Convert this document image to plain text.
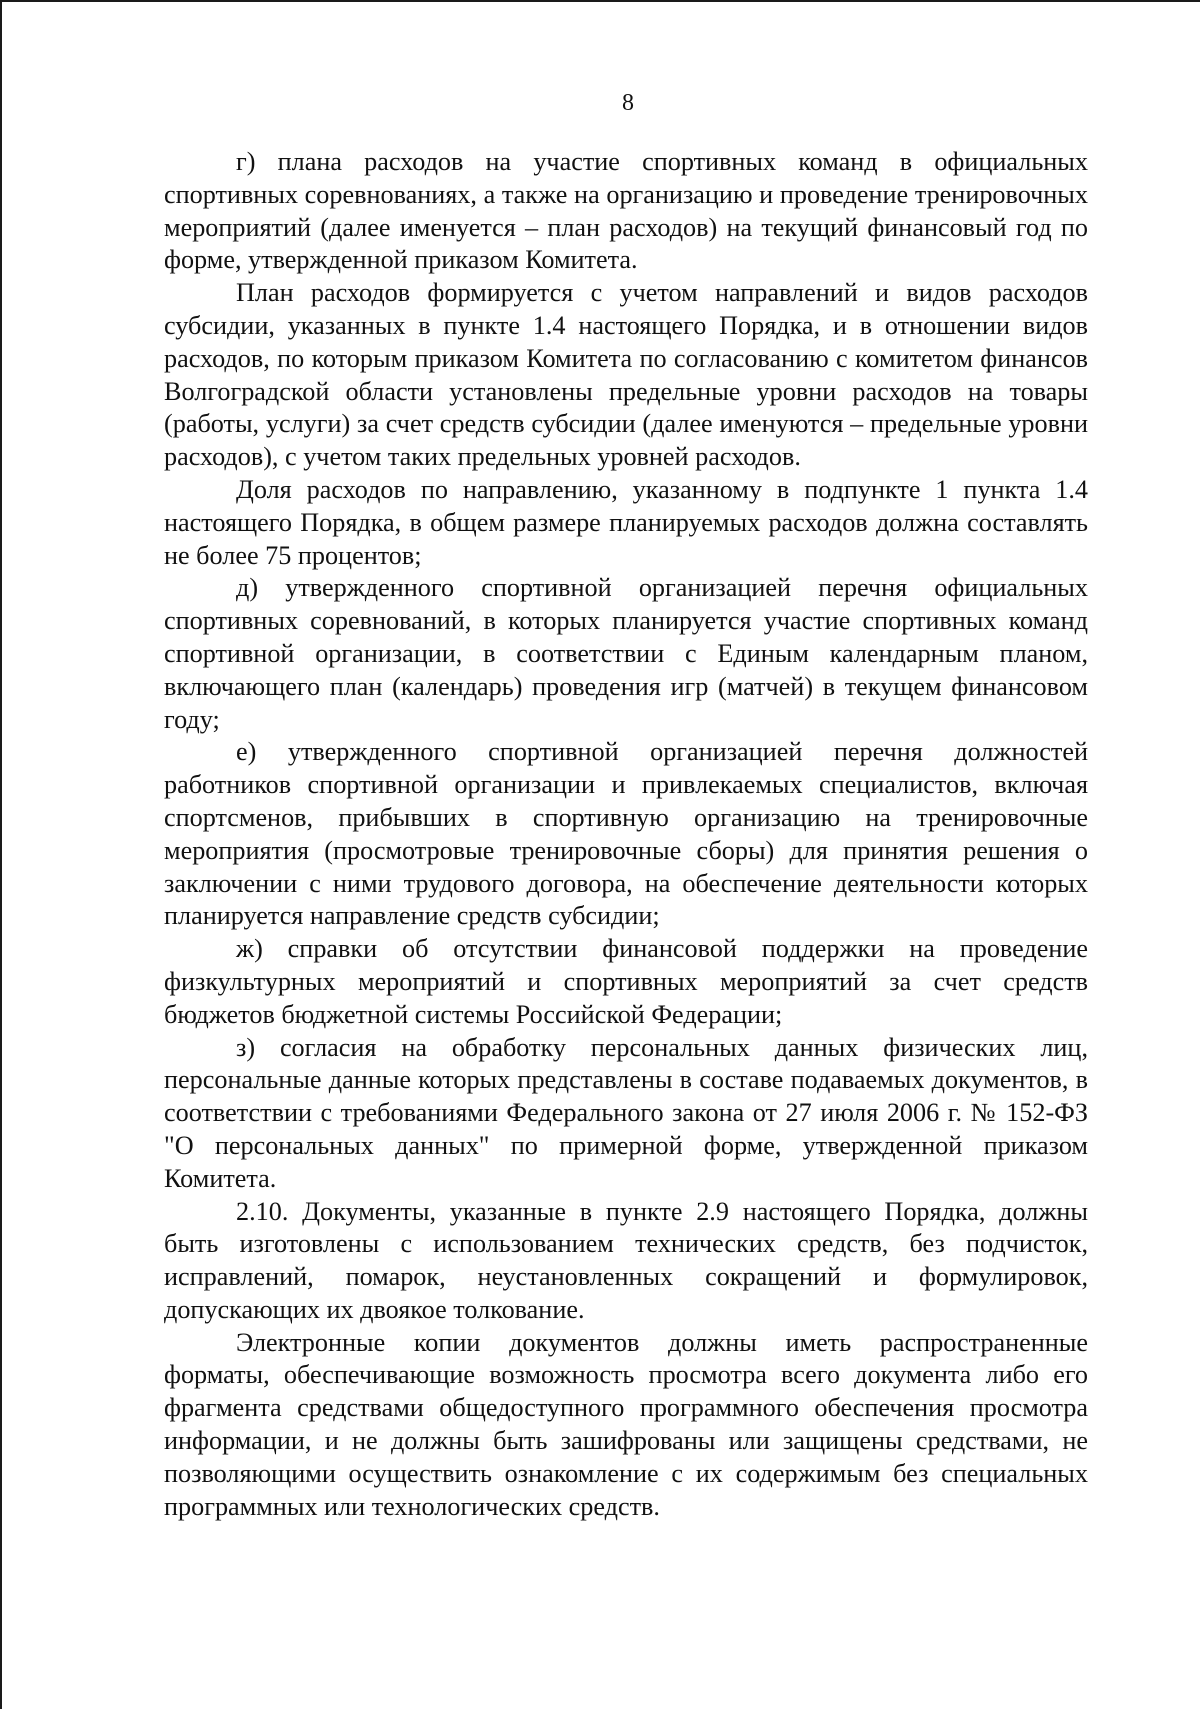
8

г) плана расходов на участие спортивных команд в официальных спортивных соревнованиях, а также на организацию и проведение тренировочных мероприятий (далее именуется – план расходов) на текущий финансовый год по форме, утвержденной приказом Комитета.

План расходов формируется с учетом направлений и видов расходов субсидии, указанных в пункте 1.4 настоящего Порядка, и в отношении видов расходов, по которым приказом Комитета по согласованию с комитетом финансов Волгоградской области установлены предельные уровни расходов на товары (работы, услуги) за счет средств субсидии (далее именуются – предельные уровни расходов), с учетом таких предельных уровней расходов.

Доля расходов по направлению, указанному в подпункте 1 пункта 1.4 настоящего Порядка, в общем размере планируемых расходов должна составлять не более 75 процентов;

д) утвержденного спортивной организацией перечня официальных спортивных соревнований, в которых планируется участие спортивных команд спортивной организации, в соответствии с Единым календарным планом, включающего план (календарь) проведения игр (матчей) в текущем финансовом году;

е) утвержденного спортивной организацией перечня должностей работников спортивной организации и привлекаемых специалистов, включая спортсменов, прибывших в спортивную организацию на тренировочные мероприятия (просмотровые тренировочные сборы) для принятия решения о заключении с ними трудового договора, на обеспечение деятельности которых планируется направление средств субсидии;

ж) справки об отсутствии финансовой поддержки на проведение физкультурных мероприятий и спортивных мероприятий за счет средств бюджетов бюджетной системы Российской Федерации;

з) согласия на обработку персональных данных физических лиц, персональные данные которых представлены в составе подаваемых документов, в соответствии с требованиями Федерального закона от 27 июля 2006 г. № 152-ФЗ "О персональных данных" по примерной форме, утвержденной приказом Комитета.

2.10. Документы, указанные в пункте 2.9 настоящего Порядка, должны быть изготовлены с использованием технических средств, без подчисток, исправлений, помарок, неустановленных сокращений и формулировок, допускающих их двоякое толкование.

Электронные копии документов должны иметь распространенные форматы, обеспечивающие возможность просмотра всего документа либо его фрагмента средствами общедоступного программного обеспечения просмотра информации, и не должны быть зашифрованы или защищены средствами, не позволяющими осуществить ознакомление с их содержимым без специальных программных или технологических средств.
